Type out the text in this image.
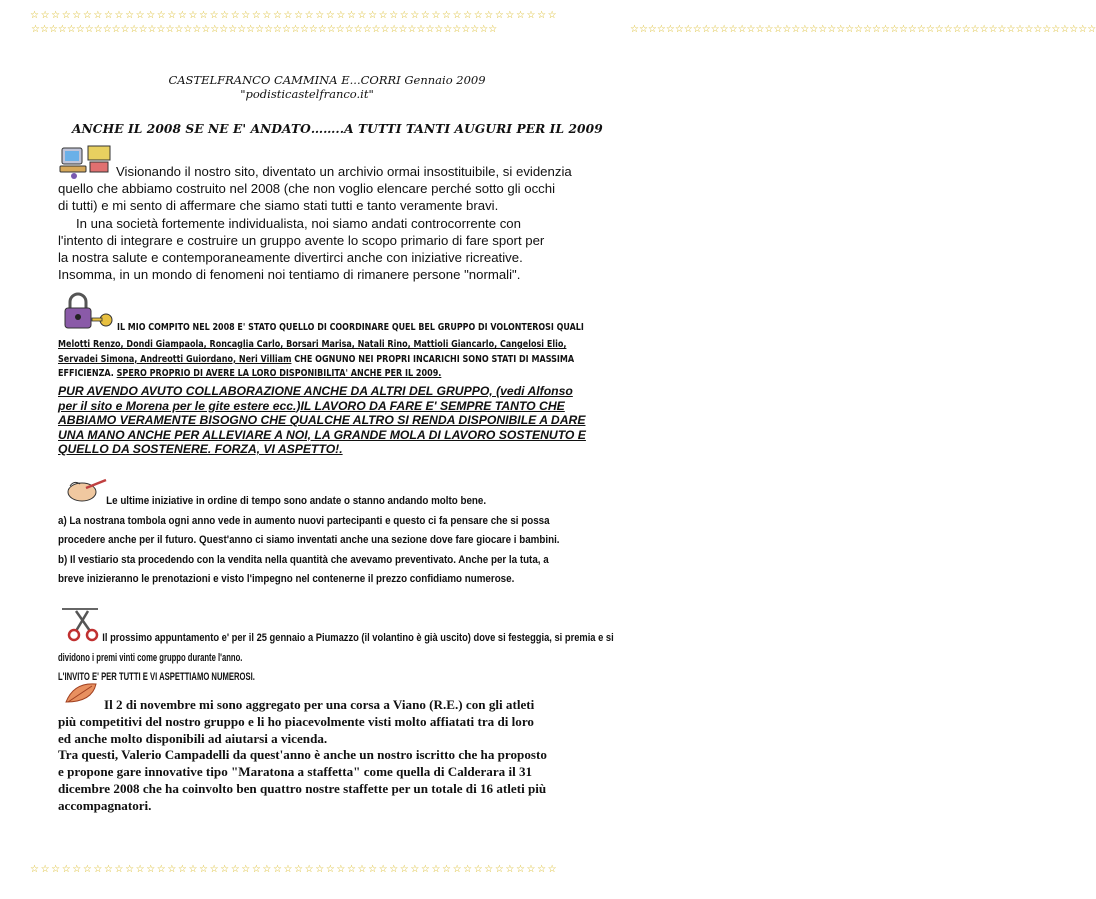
☆☆☆☆☆☆☆☆☆☆☆☆☆☆☆☆☆☆☆☆☆☆☆☆☆☆☆☆☆☆☆☆☆☆☆☆☆☆☆☆☆☆☆☆☆☆☆☆☆☆
☆☆☆☆☆☆☆☆☆☆☆☆☆☆☆☆☆☆☆☆☆☆☆☆☆☆☆☆☆☆☆☆☆☆☆☆☆☆☆☆☆☆☆☆☆☆☆☆☆☆
☆☆☆☆☆☆☆☆☆☆☆☆☆☆☆☆☆☆☆☆☆☆☆☆☆☆☆☆☆☆☆☆☆☆☆☆☆☆☆☆☆☆☆☆☆☆☆☆☆☆☆☆	☆☆☆☆☆☆☆☆☆☆☆☆☆☆☆☆☆☆☆☆☆☆☆☆☆☆☆☆☆☆☆☆☆☆☆☆☆☆☆☆☆☆☆☆☆☆☆☆☆☆☆☆
CASTELFRANCO CAMMINA E...CORRI Gennaio 2009
"podisticastelfranco.it"
ANCHE IL 2008 SE NE E' ANDATO……..A TUTTI TANTI AUGURI PER IL 2009
Visionando il nostro sito, diventato un archivio ormai insostituibile, si evidenzia
quello che abbiamo costruito nel 2008 (che non voglio elencare perché sotto gli occhi
di tutti) e mi sento di affermare che siamo stati tutti e tanto veramente bravi.
In una società fortemente individualista, noi siamo andati controcorrente con
l'intento di integrare e costruire un gruppo avente lo scopo primario di fare sport per
la nostra salute e contemporaneamente divertirci anche con iniziative ricreative.
Insomma, in un mondo di fenomeni noi tentiamo di rimanere persone "normali".
IL MIO COMPITO NEL 2008 E' STATO QUELLO DI COORDINARE QUEL BEL GRUPPO DI VOLONTEROSI QUALI
Melotti Renzo, Dondi Giampaola, Roncaglia Carlo, Borsari Marisa, Natali Rino, Mattioli Giancarlo, Cangelosi Elio,
Servadei Simona, Andreotti Guiordano, Neri Villiam CHE OGNUNO NEI PROPRI INCARICHI SONO STATI DI MASSIMA
EFFICIENZA. SPERO PROPRIO DI AVERE LA LORO DISPONIBILITA' ANCHE PER IL 2009.
PUR AVENDO AVUTO COLLABORAZIONE ANCHE DA ALTRI DEL GRUPPO, (vedi Alfonso
per il sito e Morena per le gite estere ecc.)IL LAVORO DA FARE E' SEMPRE TANTO CHE
ABBIAMO VERAMENTE BISOGNO CHE QUALCHE ALTRO SI RENDA DISPONIBILE A DARE
UNA MANO ANCHE PER ALLEVIARE A NOI, LA GRANDE MOLA DI LAVORO SOSTENUTO E
QUELLO DA SOSTENERE. FORZA, VI ASPETTO!.
Le ultime iniziative in ordine di tempo sono andate o stanno andando molto bene.
a) La nostrana tombola ogni anno vede in aumento nuovi partecipanti e questo ci fa pensare che si possa
procedere anche per il futuro. Quest'anno ci siamo inventati anche una sezione dove fare giocare i bambini.
b) Il vestiario sta procedendo con la vendita nella quantità che avevamo preventivato. Anche per la tuta, a
breve inizieranno le prenotazioni e visto l'impegno nel contenerne il prezzo confidiamo numerose.
Il prossimo appuntamento e' per il 25 gennaio a Piumazzo (il volantino è già uscito) dove si festeggia, si premia e si
dividono i premi vinti come gruppo durante l'anno.
L'INVITO E' PER TUTTI E VI ASPETTIAMO NUMEROSI.
Il 2 di novembre mi sono aggregato per una corsa a Viano (R.E.) con gli atleti
più competitivi del nostro gruppo e li ho piacevolmente visti molto affiatati tra di loro
ed anche molto disponibili ad aiutarsi a vicenda.
Tra questi, Valerio Campadelli da quest'anno è anche un nostro iscritto che ha proposto
e propone gare innovative tipo "Maratona a staffetta" come quella di Calderara il 31
dicembre 2008 che ha coinvolto ben quattro nostre staffette per un totale di 16 atleti più
accompagnatori.
